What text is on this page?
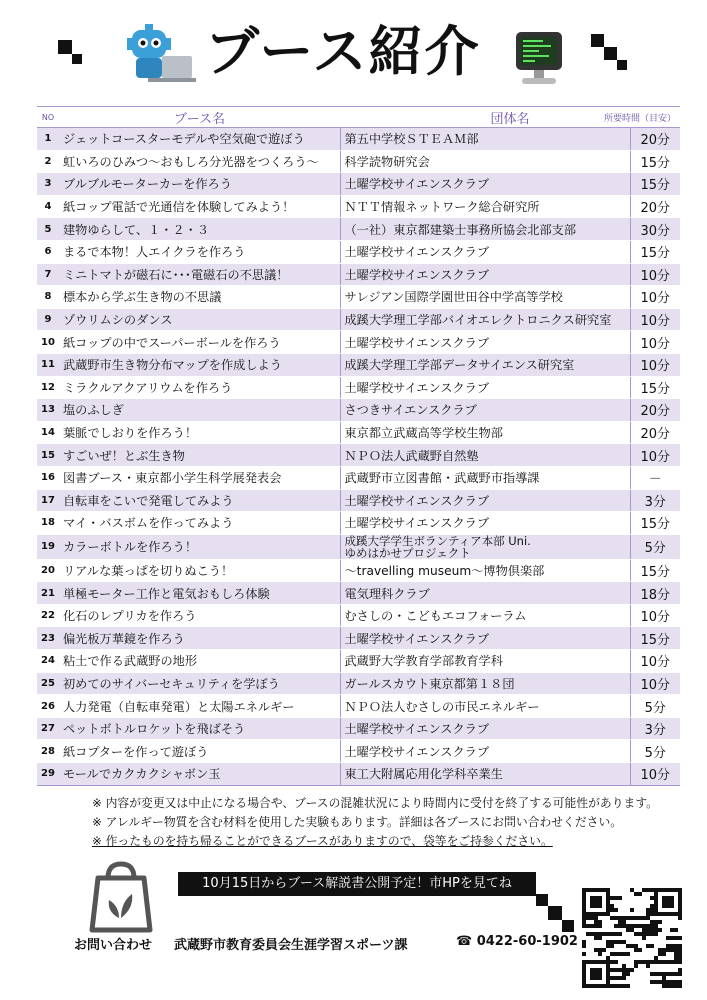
ブース紹介
NO	ブース名	団体名 所要時間（目安）	

1	ジェットコースターモデルや空気砲で遊ぼう	第五中学校ＳＴＥＡＭ部	20分
2	虹いろのひみつ～おもしろ分光器をつくろう～	科学読物研究会	15分
3	ブルブルモーターカーを作ろう	土曜学校サイエンスクラブ	15分
4	紙コップ電話で光通信を体験してみよう！	ＮＴＴ情報ネットワーク総合研究所	20分
5	建物ゆらして、１・２・３	（一社）東京都建築士事務所協会北部支部	30分
6	まるで本物！人エイクラを作ろう	土曜学校サイエンスクラブ	15分
7	ミニトマトが磁石に･･･電磁石の不思議！	土曜学校サイエンスクラブ	10分
8	標本から学ぶ生き物の不思議	サレジアン国際学園世田谷中学高等学校	10分
9	ゾウリムシのダンス	成蹊大学理工学部バイオエレクトロニクス研究室	10分
10	紙コップの中でスーパーボールを作ろう	土曜学校サイエンスクラブ	10分
11	武蔵野市生き物分布マップを作成しよう	成蹊大学理工学部データサイエンス研究室	10分
12	ミラクルアクアリウムを作ろう	土曜学校サイエンスクラブ	15分
13	塩のふしぎ	さつきサイエンスクラブ	20分
14	葉脈でしおりを作ろう！	東京都立武蔵高等学校生物部	20分
15	すごいぜ！とぶ生き物	ＮＰＯ法人武蔵野自然塾	10分
16	図書ブース・東京都小学生科学展発表会	武蔵野市立図書館・武蔵野市指導課	－
17	自転車をこいで発電してみよう	土曜学校サイエンスクラブ	3分
18	マイ・バスボムを作ってみよう	土曜学校サイエンスクラブ	15分
19	カラーボトルを作ろう！	成蹊大学学生ボランティア本部 Uni.
ゆめはかせプロジェクト	5分
20	リアルな葉っぱを切りぬこう！	～travelling museum～博物倶楽部	15分
21	単極モーター工作と電気おもしろ体験	電気理科クラブ	18分
22	化石のレプリカを作ろう	むさしの・こどもエコフォーラム	10分
23	偏光板万華鏡を作ろう	土曜学校サイエンスクラブ	15分
24	粘土で作る武蔵野の地形	武蔵野大学教育学部教育学科	10分
25	初めてのサイバーセキュリティを学ぼう	ガールスカウト東京都第１８団	10分
26	人力発電（自転車発電）と太陽エネルギー	ＮＰＯ法人むさしの市民エネルギー	5分
27	ペットボトルロケットを飛ばそう	土曜学校サイエンスクラブ	3分
28	紙コプターを作って遊ぼう	土曜学校サイエンスクラブ	5分
29	モールでカクカクシャボン玉	東工大附属応用化学科卒業生	10分
※ 内容が変更又は中止になる場合や、ブースの混雑状況により時間内に受付を終了する可能性があります。
※ アレルギー物質を含む材料を使用した実験もあります。詳細は各ブースにお問い合わせください。
※ 作ったものを持ち帰ることができるブースがありますので、袋等をご持参ください。
10月15日からブース解説書公開予定！市HPを見てね
お問い合わせ 武蔵野市教育委員会生涯学習スポーツ課	☎ 0422-60-1902
